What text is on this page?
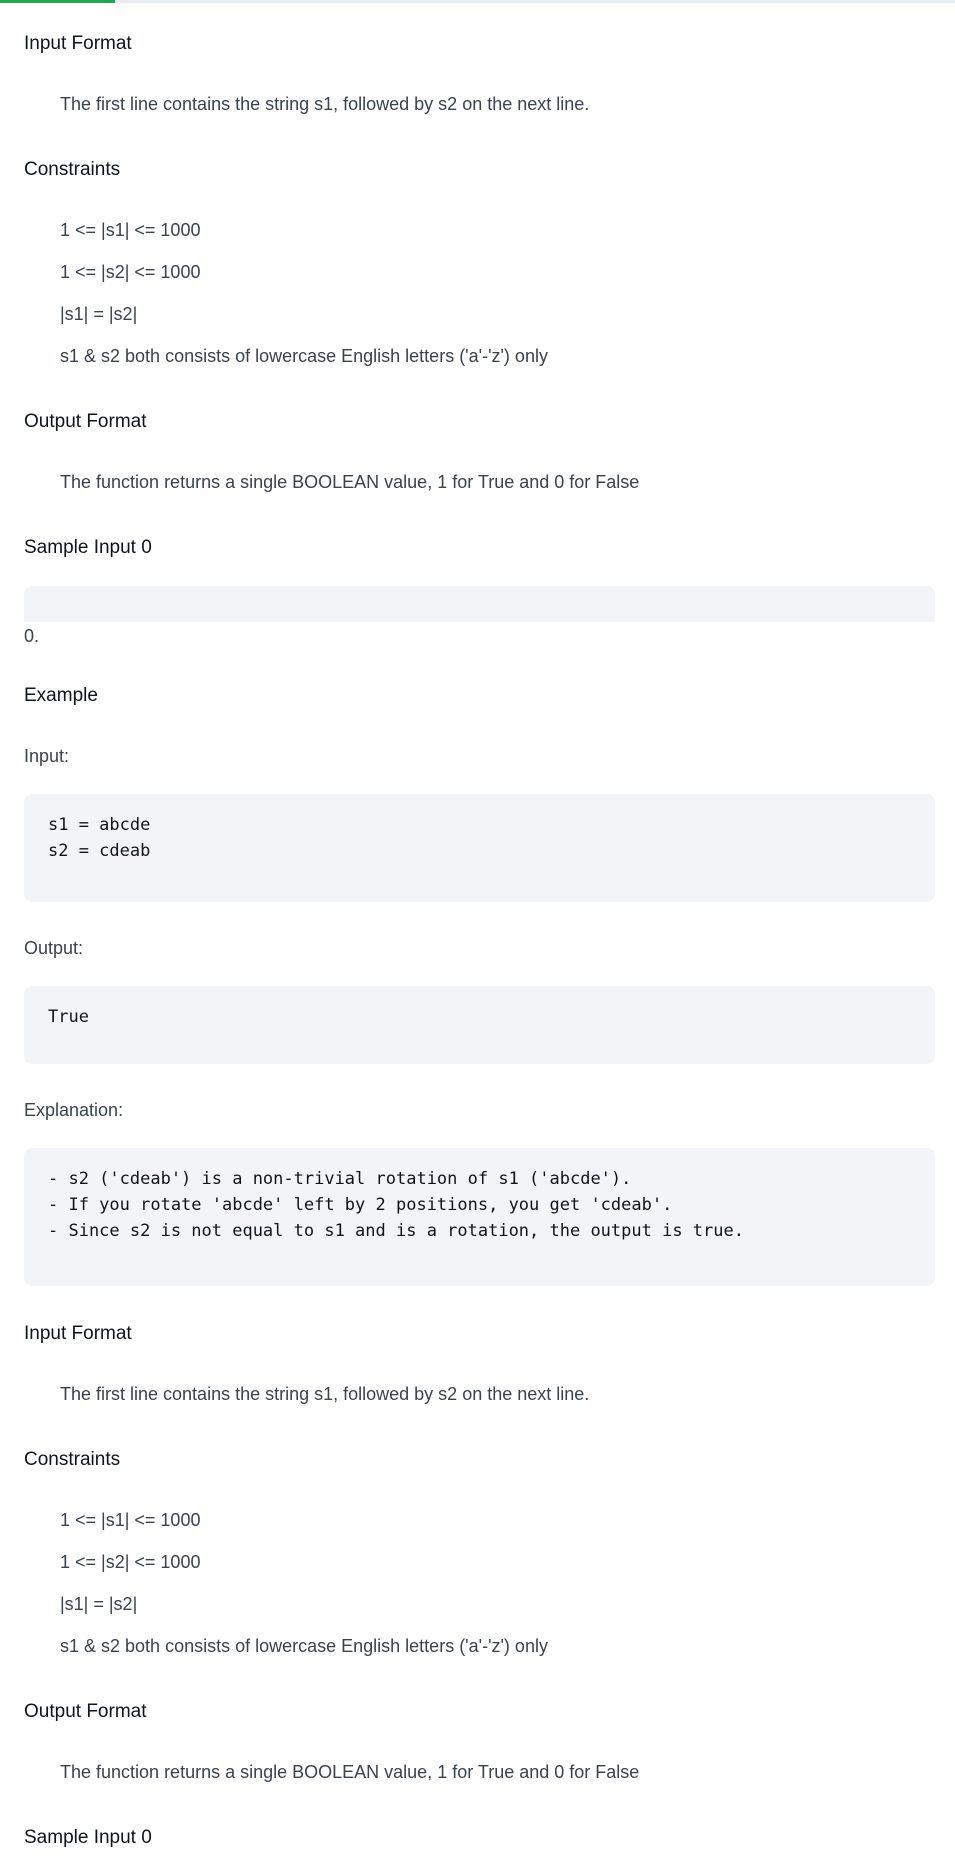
Input Format
The first line contains the string s1, followed by s2 on the next line.
Constraints
1 <= |s1| <= 1000
1 <= |s2| <= 1000
|s1| = |s2|
s1 & s2 both consists of lowercase English letters ('a'-'z') only
Output Format
The function returns a single BOOLEAN value, 1 for True and 0 for False
Sample Input 0
0.
Example
Input:
s1 = abcde
s2 = cdeab
Output:
True
Explanation:
- s2 ('cdeab') is a non-trivial rotation of s1 ('abcde').
- If you rotate 'abcde' left by 2 positions, you get 'cdeab'.
- Since s2 is not equal to s1 and is a rotation, the output is true.
Input Format
The first line contains the string s1, followed by s2 on the next line.
Constraints
1 <= |s1| <= 1000
1 <= |s2| <= 1000
|s1| = |s2|
s1 & s2 both consists of lowercase English letters ('a'-'z') only
Output Format
The function returns a single BOOLEAN value, 1 for True and 0 for False
Sample Input 0
